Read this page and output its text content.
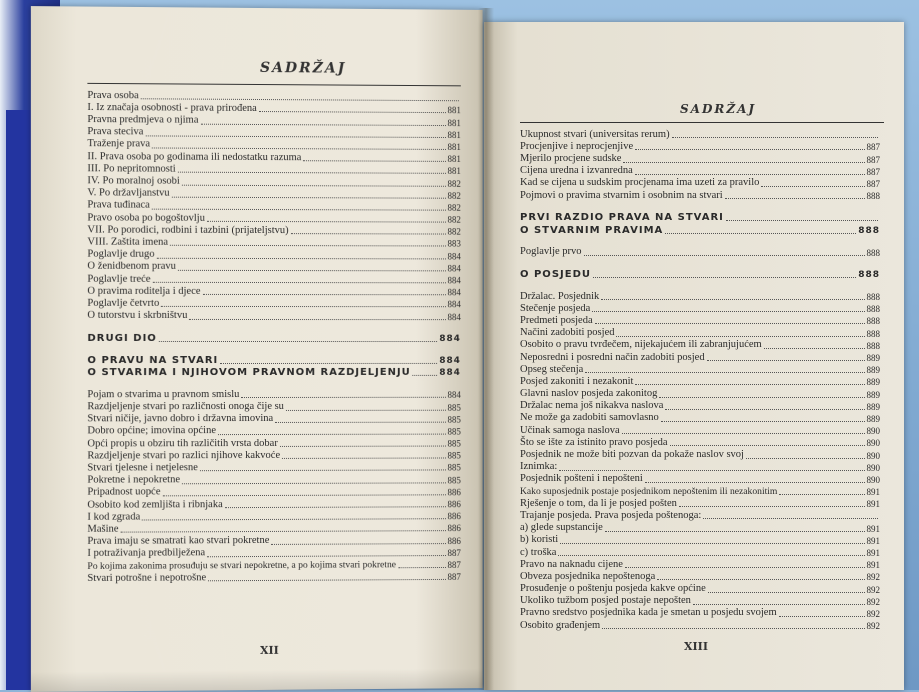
SADRŽAJ
Prava osoba
I. Iz značaja osobnosti - prava prirođena	881
Pravna predmjeva o njima	881
Prava steciva	881
Traženje prava	881
II. Prava osoba po godinama ili nedostatku razuma	881
III. Po nepritomnosti	881
IV. Po moralnoj osobi	882
V. Po državljanstvu	882
Prava tuđinaca	882
Pravo osoba po bogoštovlju	882
VII. Po porodici, rodbini i tazbini (prijateljstvu)	882
VIII. Zaštita imena	883
Poglavlje drugo	884
O ženidbenom pravu	884
Poglavlje treće	884
O pravima roditelja i djece	884
Poglavlje četvrto	884
O tutorstvu i skrbništvu	884
DRUGI DIO	884
O PRAVU NA STVARI	884
O STVARIMA I NJIHOVOM PRAVNOM RAZDJELJENJU	884
Pojam o stvarima u pravnom smislu	884
Razdjeljenje stvari po različnosti onoga čije su	885
Stvari ničije, javno dobro i državna imovina	885
Dobro općine; imovina općine	885
Opći propis u obziru tih različitih vrsta dobar	885
Razdjeljenje stvari po razlici njihove kakvoće	885
Stvari tjelesne i netjelesne	885
Pokretne i nepokretne	885
Pripadnost uopće	886
Osobito kod zemljišta i ribnjaka	886
I kod zgrada	886
Mašine	886
Prava imaju se smatrati kao stvari pokretne	886
I potraživanja predbilježena	887
Po kojima zakonima prosuđuju se stvari nepokretne, a po kojima stvari pokretne	887
Stvari potrošne i nepotrošne	887
XII
SADRŽAJ
Ukupnost stvari (universitas rerum)
Procjenjive i neprocjenjive	887
Mjerilo procjene sudske	887
Cijena uredna i izvanredna	887
Kad se cijena u sudskim procjenama ima uzeti za pravilo	887
Pojmovi o pravima stvarnim i osobnim na stvari	888
PRVI RAZDIO PRAVA NA STVARI
O STVARNIM PRAVIMA	888
Poglavlje prvo	888
O POSJEDU	888
Držalac. Posjednik	888
Stečenje posjeda	888
Predmeti posjeda	888
Načini zadobiti posjed	888
Osobito o pravu tvrđečem, nijekajućem ili zabranjujućem	888
Neposredni i posredni način zadobiti posjed	889
Opseg stečenja	889
Posjed zakoniti i nezakonit	889
Glavni naslov posjeda zakonitog	889
Držalac nema još nikakva naslova	889
Ne može ga zadobiti samovlasno	889
Učinak samoga naslova	890
Što se ište za istinito pravo posjeda	890
Posjednik ne može biti pozvan da pokaže naslov svoj	890
Iznimka:	890
Posjednik pošteni i nepošteni	890
Kako suposjednik postaje posjednikom nepoštenim ili nezakonitim	891
Rješenje o tom, da li je posjed pošten	891
Trajanje posjeda. Prava posjeda poštenoga:
a) glede supstancije	891
b) koristi	891
c) troška	891
Pravo na naknadu cijene	891
Obveza posjednika nepoštenoga	892
Prosuđenje o poštenju posjeda kakve općine	892
Ukoliko tužbom posjed postaje nepošten	892
Pravno sredstvo posjednika kada je smetan u posjedu svojem	892
Osobito građenjem	892
XIII
